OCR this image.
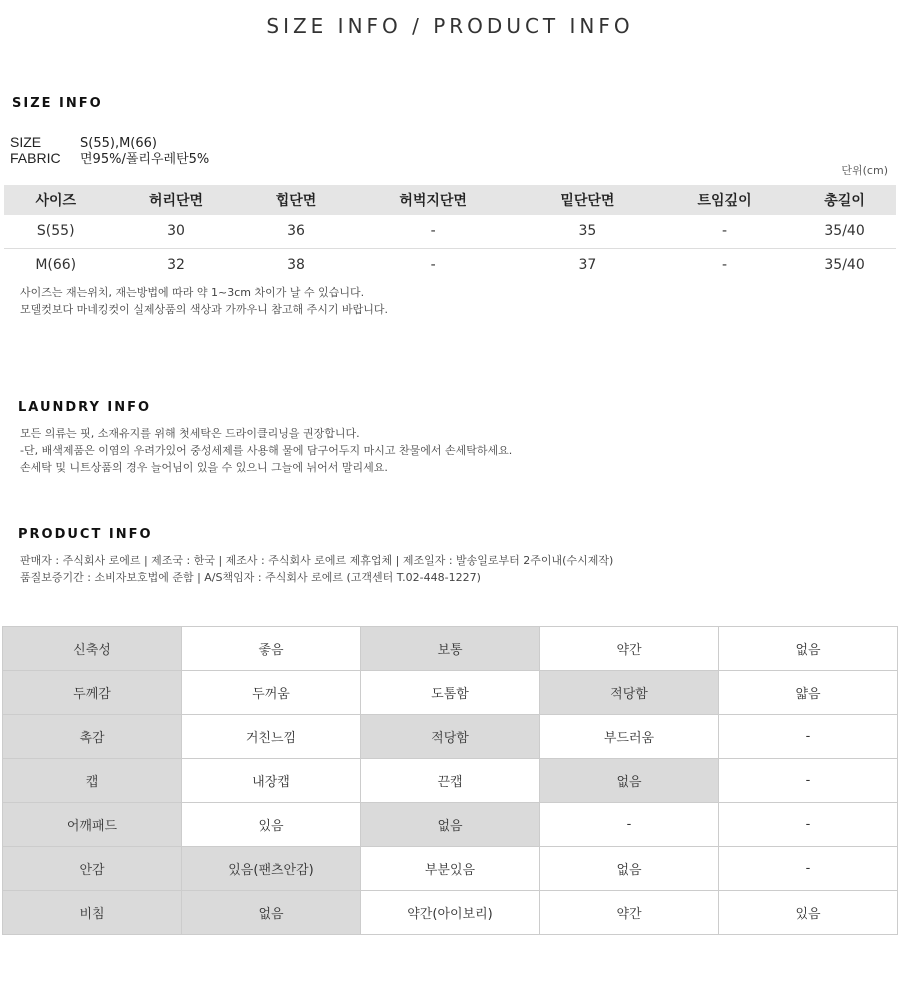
SIZE INFO / PRODUCT INFO
SIZE INFO
SIZE	S(55),M(66)
FABRIC 면95%/폴리우레탄5%
단위(cm)
사이즈	허리단면	힙단면	허벅지단면	밑단단면	트임깊이	총길이
S(55)	30	36	-	35	-	35/40
M(66)	32	38	-	37	-	35/40
사이즈는 재는위치, 재는방법에 따라 약 1~3cm 차이가 날 수 있습니다.
모델컷보다 마네킹컷이 실제상품의 색상과 가까우니 참고해 주시기 바랍니다.
LAUNDRY INFO
모든 의류는 핏, 소재유지를 위해 첫세탁은 드라이클리닝을 권장합니다.
-단, 배색제품은 이염의 우려가있어 중성세제를 사용해 물에 담구어두지 마시고 찬물에서 손세탁하세요.
손세탁 및 니트상품의 경우 늘어님이 있을 수 있으니 그늘에 뉘어서 말리세요.
PRODUCT INFO
판매자 : 주식회사 로에르 | 제조국 : 한국 | 제조사 : 주식회사 로에르 제휴업체 | 제조일자 : 발송일로부터 2주이내(수시제작)
품질보증기간 : 소비자보호법에 준함 | A/S책임자 : 주식회사 로에르 (고객센터 T.02-448-1227)
신축성	좋음	보통	약간	없음
두께감	두꺼움	도톰함	적당함	얇음
촉감	거친느낌	적당함	부드러움	-
캡	내장캡	끈캡	없음	-
어깨패드	있음	없음	-	-
안감	있음(팬츠안감)	부분있음	없음	-
비침	없음	약간(아이보리)	약간	있음
